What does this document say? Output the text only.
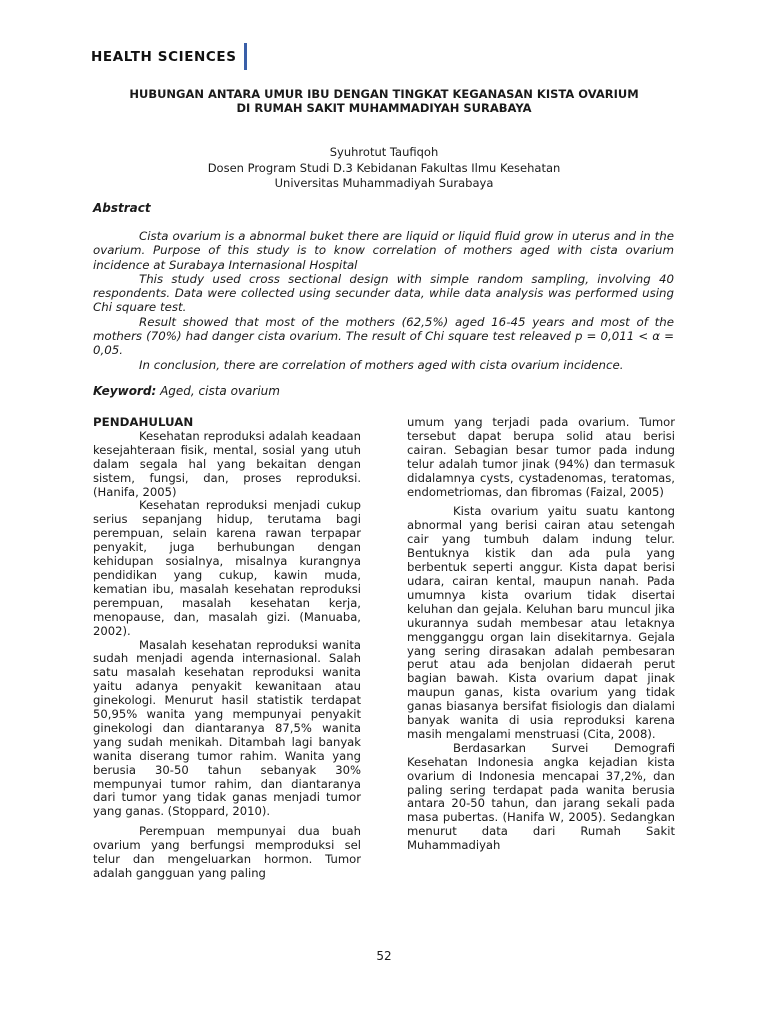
HEALTH SCIENCES
HUBUNGAN ANTARA UMUR IBU DENGAN TINGKAT KEGANASAN KISTA OVARIUM
DI RUMAH SAKIT MUHAMMADIYAH SURABAYA
Syuhrotut Taufiqoh
Dosen Program Studi D.3 Kebidanan Fakultas Ilmu Kesehatan
Universitas Muhammadiyah Surabaya
Abstract

Cista ovarium is a abnormal buket there are liquid or liquid fluid grow in uterus and in the ovarium. Purpose of this study is to know correlation of mothers aged with cista ovarium incidence at Surabaya Internasional Hospital

This study used cross sectional design with simple random sampling, involving 40 respondents. Data were collected using secunder data, while data analysis was performed using Chi square test.

Result showed that most of the mothers (62,5%) aged 16-45 years and most of the mothers (70%) had danger cista ovarium. The result of Chi square test releaved p = 0,011 < α = 0,05.

In conclusion, there are correlation of mothers aged with cista ovarium incidence.

Keyword: Aged, cista ovarium

PENDAHULUAN

Kesehatan reproduksi adalah keadaan kesejahteraan fisik, mental, sosial yang utuh dalam segala hal yang bekaitan dengan sistem, fungsi, dan, proses reproduksi. (Hanifa, 2005)

Kesehatan reproduksi menjadi cukup serius sepanjang hidup, terutama bagi perempuan, selain karena rawan terpapar penyakit, juga berhubungan dengan kehidupan sosialnya, misalnya kurangnya pendidikan yang cukup, kawin muda, kematian ibu, masalah kesehatan reproduksi perempuan, masalah kesehatan kerja, menopause, dan, masalah gizi. (Manuaba, 2002).

Masalah kesehatan reproduksi wanita sudah menjadi agenda internasional. Salah satu masalah kesehatan reproduksi wanita yaitu adanya penyakit kewanitaan atau ginekologi. Menurut hasil statistik terdapat 50,95% wanita yang mempunyai penyakit ginekologi dan diantaranya 87,5% wanita yang sudah menikah. Ditambah lagi banyak wanita diserang tumor rahim. Wanita yang berusia 30-50 tahun sebanyak 30% mempunyai tumor rahim, dan diantaranya dari tumor yang tidak ganas menjadi tumor yang ganas. (Stoppard, 2010).

Perempuan mempunyai dua buah ovarium yang berfungsi memproduksi sel telur dan mengeluarkan hormon. Tumor adalah gangguan yang paling

umum yang terjadi pada ovarium. Tumor tersebut dapat berupa solid atau berisi cairan. Sebagian besar tumor pada indung telur adalah tumor jinak (94%) dan termasuk didalamnya cysts, cystadenomas, teratomas, endometriomas, dan fibromas (Faizal, 2005)

Kista ovarium yaitu suatu kantong abnormal yang berisi cairan atau setengah cair yang tumbuh dalam indung telur. Bentuknya kistik dan ada pula yang berbentuk seperti anggur. Kista dapat berisi udara, cairan kental, maupun nanah. Pada umumnya kista ovarium tidak disertai keluhan dan gejala. Keluhan baru muncul jika ukurannya sudah membesar atau letaknya mengganggu organ lain disekitarnya. Gejala yang sering dirasakan adalah pembesaran perut atau ada benjolan didaerah perut bagian bawah. Kista ovarium dapat jinak maupun ganas, kista ovarium yang tidak ganas biasanya bersifat fisiologis dan dialami banyak wanita di usia reproduksi karena masih mengalami menstruasi (Cita, 2008).

Berdasarkan Survei Demografi Kesehatan Indonesia angka kejadian kista ovarium di Indonesia mencapai 37,2%, dan paling sering terdapat pada wanita berusia antara 20-50 tahun, dan jarang sekali pada masa pubertas. (Hanifa W, 2005). Sedangkan menurut data dari Rumah Sakit Muhammadiyah

52
